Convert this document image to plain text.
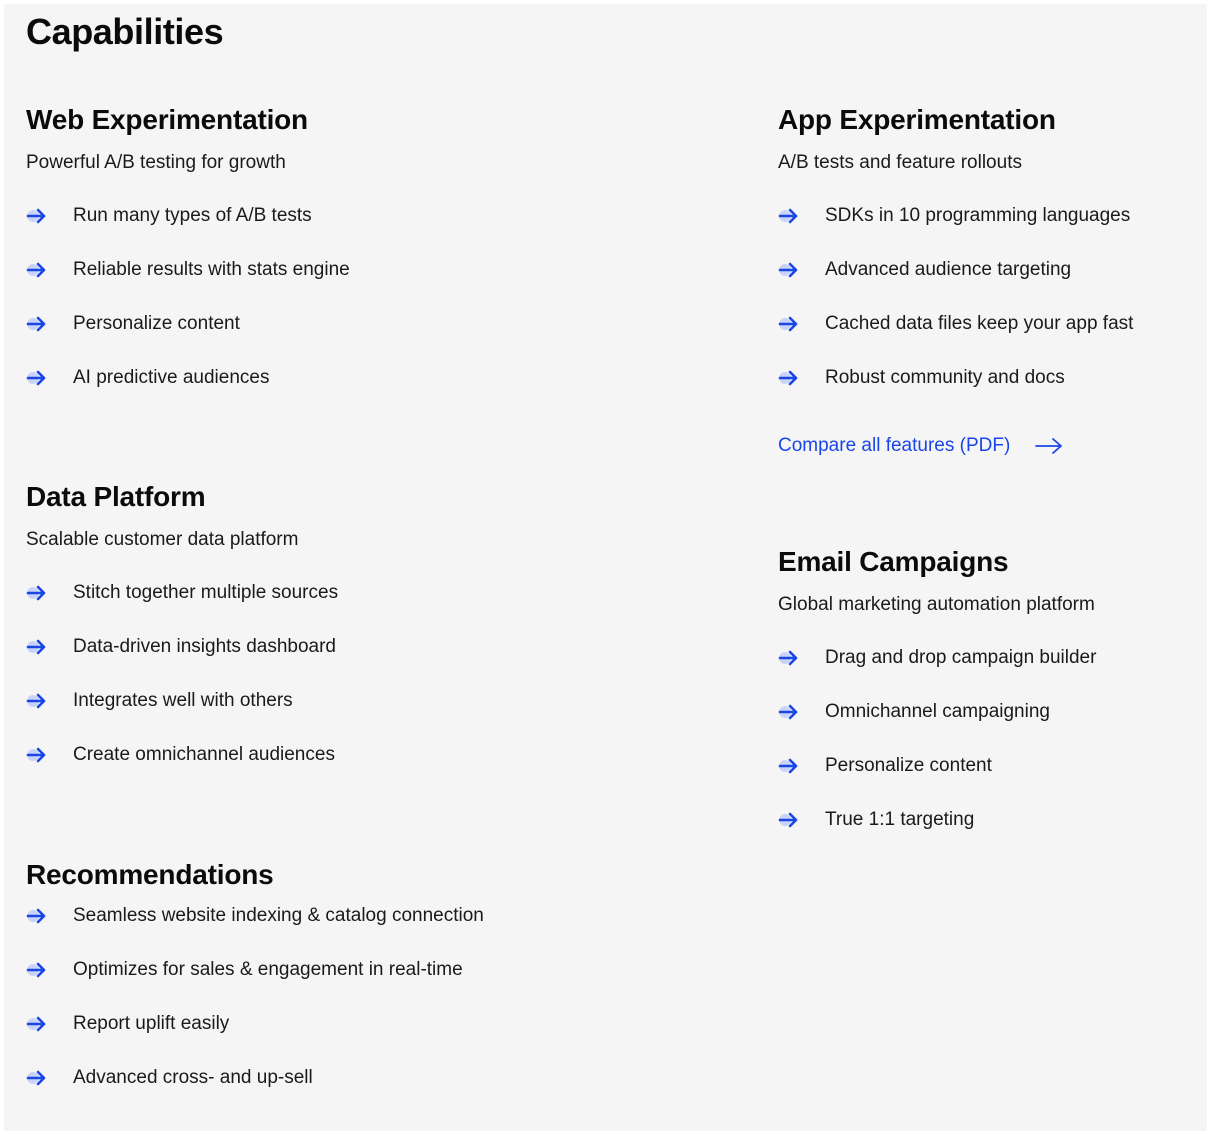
Capabilities
Web Experimentation
Powerful A/B testing for growth
Run many types of A/B tests
Reliable results with stats engine
Personalize content
AI predictive audiences
App Experimentation
A/B tests and feature rollouts
SDKs in 10 programming languages
Advanced audience targeting
Cached data files keep your app fast
Robust community and docs
Compare all features (PDF)
Data Platform
Scalable customer data platform
Stitch together multiple sources
Data-driven insights dashboard
Integrates well with others
Create omnichannel audiences
Email Campaigns
Global marketing automation platform
Drag and drop campaign builder
Omnichannel campaigning
Personalize content
True 1:1 targeting
Recommendations
Seamless website indexing & catalog connection
Optimizes for sales & engagement in real-time
Report uplift easily
Advanced cross- and up-sell
